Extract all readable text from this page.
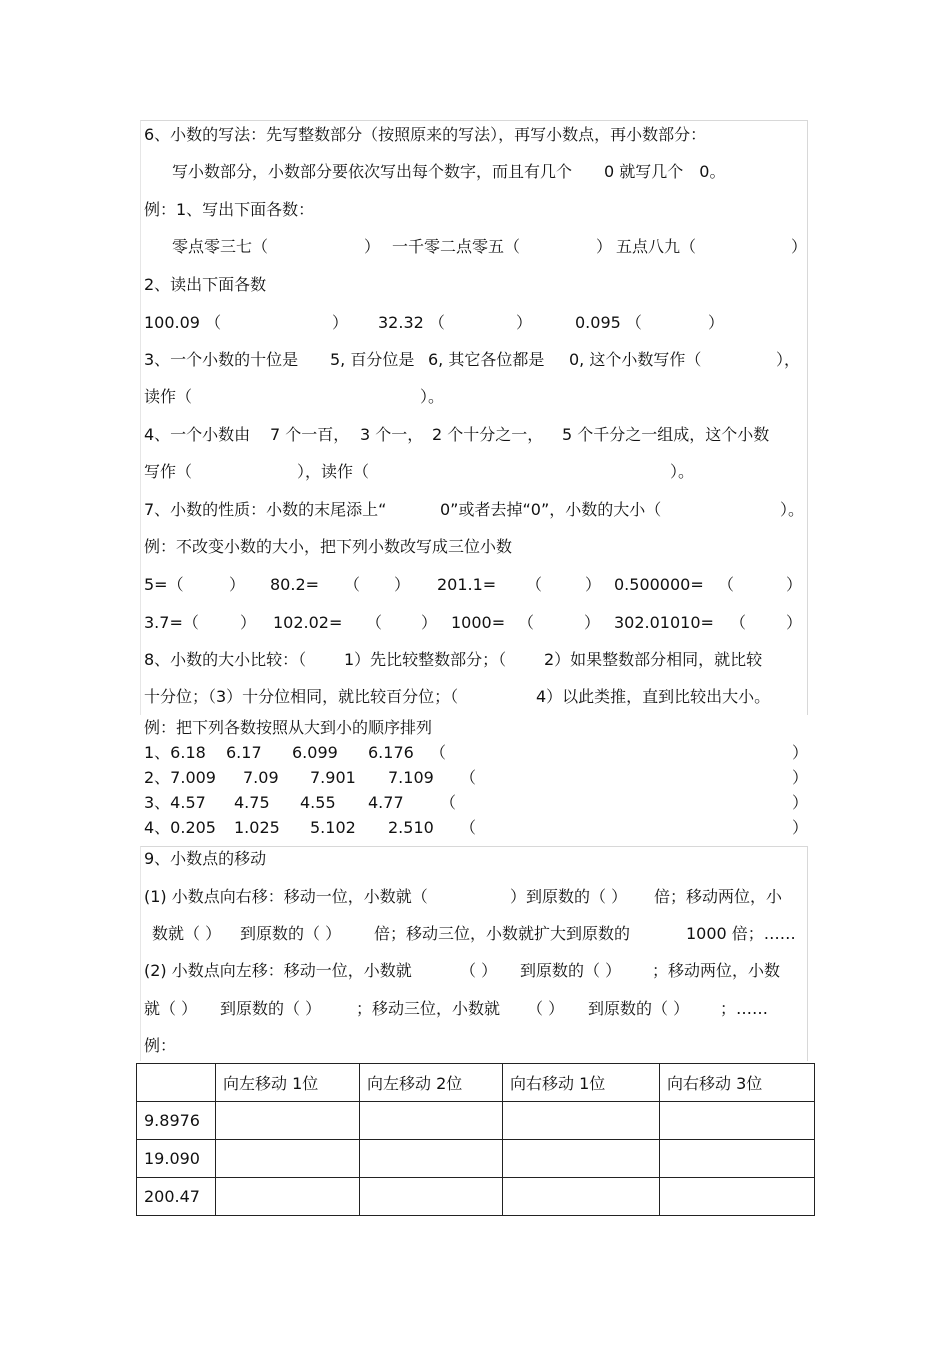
6、小数的写法：先写整数部分（按照原来的写法），再写小数点，再小数部分：
写小数部分，小数部分要依次写出每个数字，而且有几个　　0 就写几个　0。
例：1、写出下面各数：
零点零三七（	） 一千零二点零五（	） 五点八九（	）
2、读出下面各数
100.09 （	） 32.32 （	）	0.095 （	）
3、一个小数的十位是 5, 百分位是 6, 其它各位都是 0, 这个小数写作（	），
读作（	）。
4、一个小数由 7 个一百， 3 个一， 2 个十分之一， 5 个千分之一组成，这个小数
写作（	），读作（	）。
7、小数的性质：小数的末尾添上“	0”或者去掉“0”，小数的大小（	）。
例：不改变小数的大小，把下列小数改写成三位小数
5=（	） 80.2= （ ） 201.1= （	） 0.500000= （	）
3.7=（	） 102.02= （ ） 1000= （	） 302.01010= （ ）
8、小数的大小比较：（ 1）先比较整数部分；（ 2）如果整数部分相同，就比较
十分位；（3）十分位相同，就比较百分位；（	4）以此类推，直到比较出大小。
例：把下列各数按照从大到小的顺序排列
1、6.18 6.17 6.099 6.176 （	）
2、7.009 7.09 7.901 7.109 （	）
3、4.57 4.75 4.55 4.77 （	）
4、0.205 1.025 5.102 2.510 （	）
9、小数点的移动
(1) 小数点向右移：移动一位，小数就（	）到原数的（ ） 倍；移动两位，小
数就（ ） 到原数的（ ） 倍；移动三位，小数就扩大到原数的	1000 倍；……
(2) 小数点向左移：移动一位，小数就	（ ） 到原数的（ ） ；移动两位，小数
就（ ） 到原数的（ ） ；移动三位，小数就 （ ） 到原数的（ ） ；……
例：
	向左移动 1位	向左移动 2位	向右移动 1位	向右移动 3位
9.8976				
19.090				
200.47				
